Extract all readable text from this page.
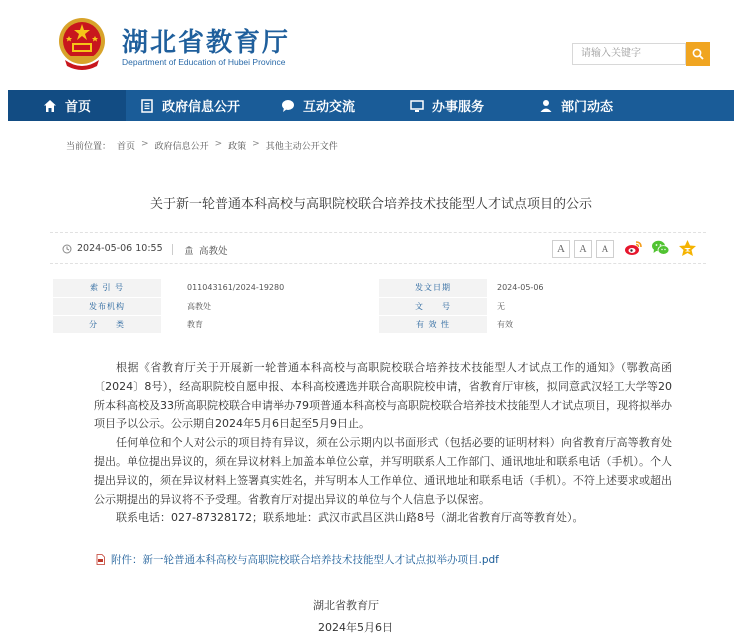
湖北省教育厅
Department of Education of Hubei Province
请输入关键字
首页	政府信息公开	互动交流	办事服务	部门动态
当前位置： 首页 > 政府信息公开 > 政策 > 其他主动公开文件
关于新一轮普通本科高校与高职院校联合培养技术技能型人才试点项目的公示
2024-05-06 10:55	高教处	A	A	A
索 引 号	011043161/2024-19280	发文日期	2024-05-06
发布机构	高教处	文　　号	无
分　　类	教育	有 效 性	有效

根据《省教育厅关于开展新一轮普通本科高校与高职院校联合培养技术技能型人才试点工作的通知》（鄂教高函〔2024〕8号），经高职院校自愿申报、本科高校遴选并联合高职院校申请，省教育厅审核，拟同意武汉轻工大学等20所本科高校及33所高职院校联合申请举办79项普通本科高校与高职院校联合培养技术技能型人才试点项目，现将拟举办项目予以公示。公示期自2024年5月6日起至5月9日止。

任何单位和个人对公示的项目持有异议，须在公示期内以书面形式（包括必要的证明材料）向省教育厅高等教育处提出。单位提出异议的，须在异议材料上加盖本单位公章，并写明联系人工作部门、通讯地址和联系电话（手机）。个人提出异议的，须在异议材料上签署真实姓名，并写明本人工作单位、通讯地址和联系电话（手机）。不符上述要求或超出公示期提出的异议将不予受理。省教育厅对提出异议的单位与个人信息予以保密。

联系电话：027-87328172；联系地址：武汉市武昌区洪山路8号（湖北省教育厅高等教育处）。

附件：新一轮普通本科高校与高职院校联合培养技术技能型人才试点拟举办项目.pdf
湖北省教育厅
2024年5月6日
